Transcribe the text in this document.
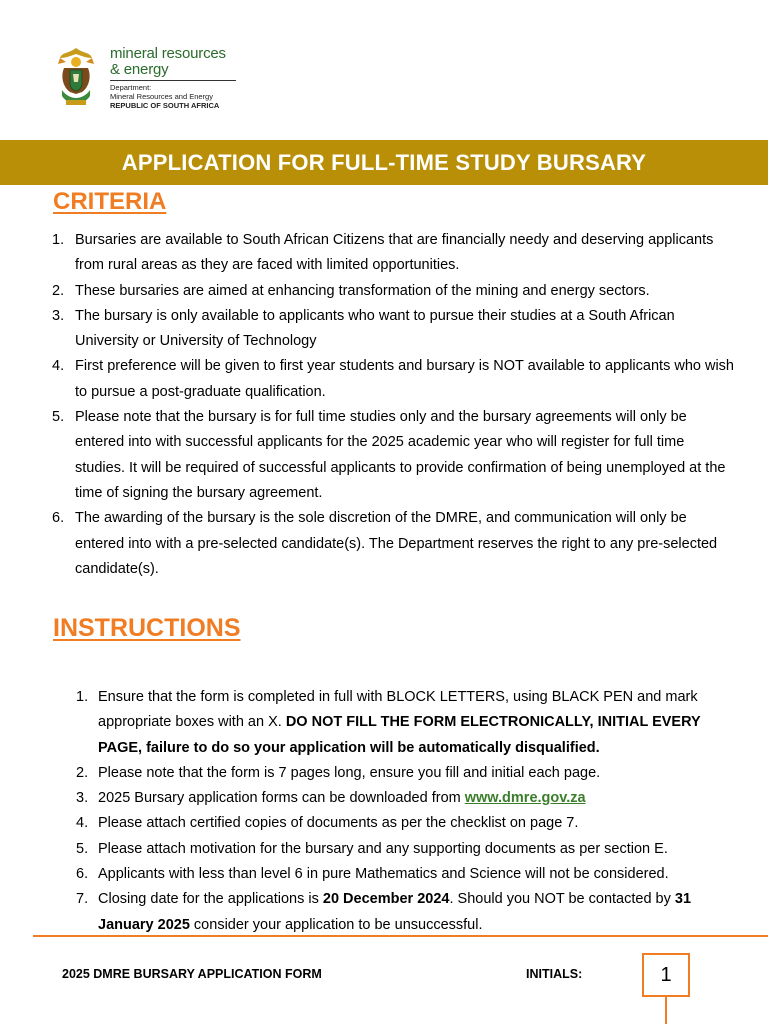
mineral resources
& energy
Department:
Mineral Resources and Energy
REPUBLIC OF SOUTH AFRICA
APPLICATION FOR FULL-TIME STUDY BURSARY
CRITERIA
1. Bursaries are available to South African Citizens that are financially needy and deserving applicants from rural areas as they are faced with limited opportunities.
2. These bursaries are aimed at enhancing transformation of the mining and energy sectors.
3. The bursary is only available to applicants who want to pursue their studies at a South African University or University of Technology
4. First preference will be given to first year students and bursary is NOT available to applicants who wish to pursue a post-graduate qualification.
5. Please note that the bursary is for full time studies only and the bursary agreements will only be entered into with successful applicants for the 2025 academic year who will register for full time studies. It will be required of successful applicants to provide confirmation of being unemployed at the time of signing the bursary agreement.
6. The awarding of the bursary is the sole discretion of the DMRE, and communication will only be entered into with a pre-selected candidate(s). The Department reserves the right to any pre-selected candidate(s).
INSTRUCTIONS
1. Ensure that the form is completed in full with BLOCK LETTERS, using BLACK PEN and mark appropriate boxes with an X. DO NOT FILL THE FORM ELECTRONICALLY, INITIAL EVERY PAGE, failure to do so your application will be automatically disqualified.
2. Please note that the form is 7 pages long, ensure you fill and initial each page.
3. 2025 Bursary application forms can be downloaded from www.dmre.gov.za
4. Please attach certified copies of documents as per the checklist on page 7.
5. Please attach motivation for the bursary and any supporting documents as per section E.
6. Applicants with less than level 6 in pure Mathematics and Science will not be considered.
7. Closing date for the applications is 20 December 2024. Should you NOT be contacted by 31 January 2025 consider your application to be unsuccessful.
2025 DMRE BURSARY APPLICATION FORM	INITIALS:	1
